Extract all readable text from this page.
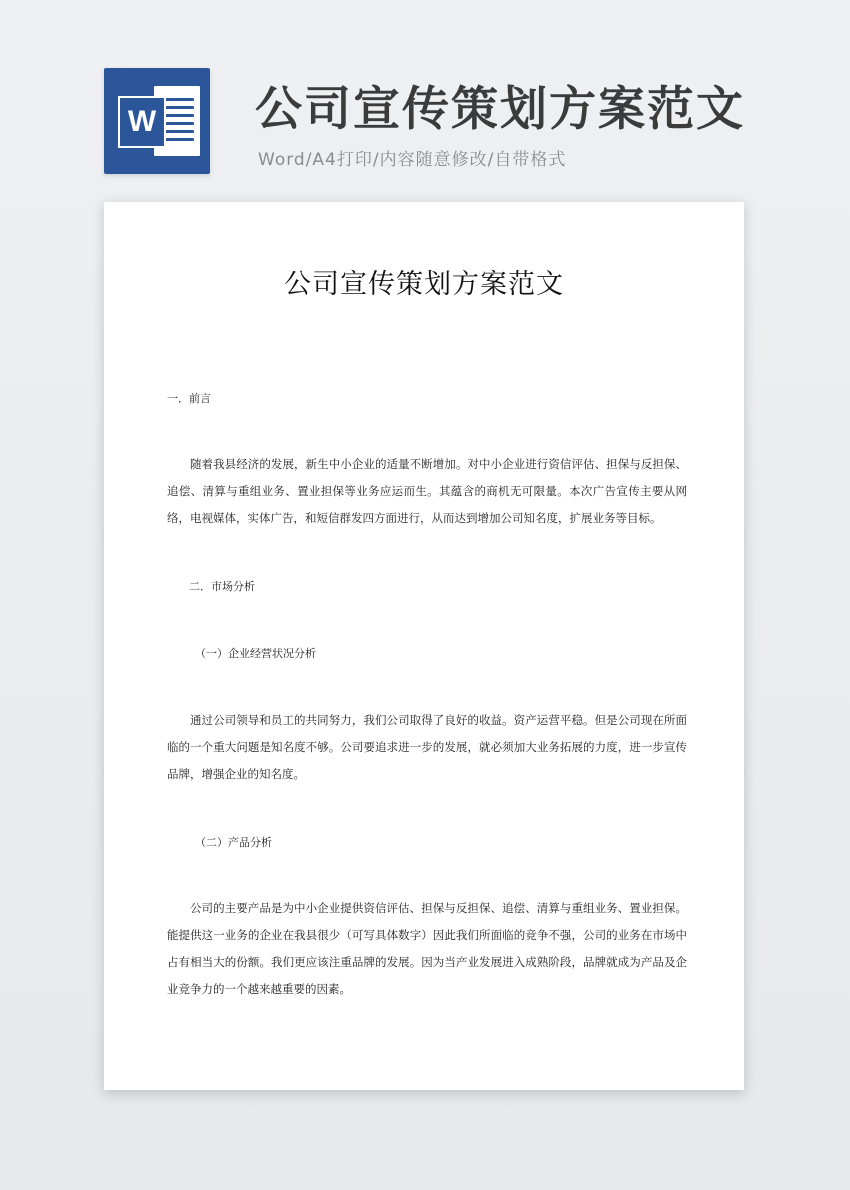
W 公司宣传策划方案范文
Word/A4打印/内容随意修改/自带格式
公司宣传策划方案范文
一．前言
随着我县经济的发展，新生中小企业的适量不断增加。对中小企业进行资信评估、担保与反担保、追偿、清算与重组业务、置业担保等业务应运而生。其蕴含的商机无可限量。本次广告宣传主要从网络，电视媒体，实体广告，和短信群发四方面进行，从而达到增加公司知名度，扩展业务等目标。
二．市场分析
（一）企业经营状况分析
通过公司领导和员工的共同努力，我们公司取得了良好的收益。资产运营平稳。但是公司现在所面临的一个重大问题是知名度不够。公司要追求进一步的发展，就必须加大业务拓展的力度，进一步宣传品牌，增强企业的知名度。
（二）产品分析
公司的主要产品是为中小企业提供资信评估、担保与反担保、追偿、清算与重组业务、置业担保。能提供这一业务的企业在我县很少（可写具体数字）因此我们所面临的竞争不强，公司的业务在市场中占有相当大的份额。我们更应该注重品牌的发展。因为当产业发展进入成熟阶段，品牌就成为产品及企业竞争力的一个越来越重要的因素。
